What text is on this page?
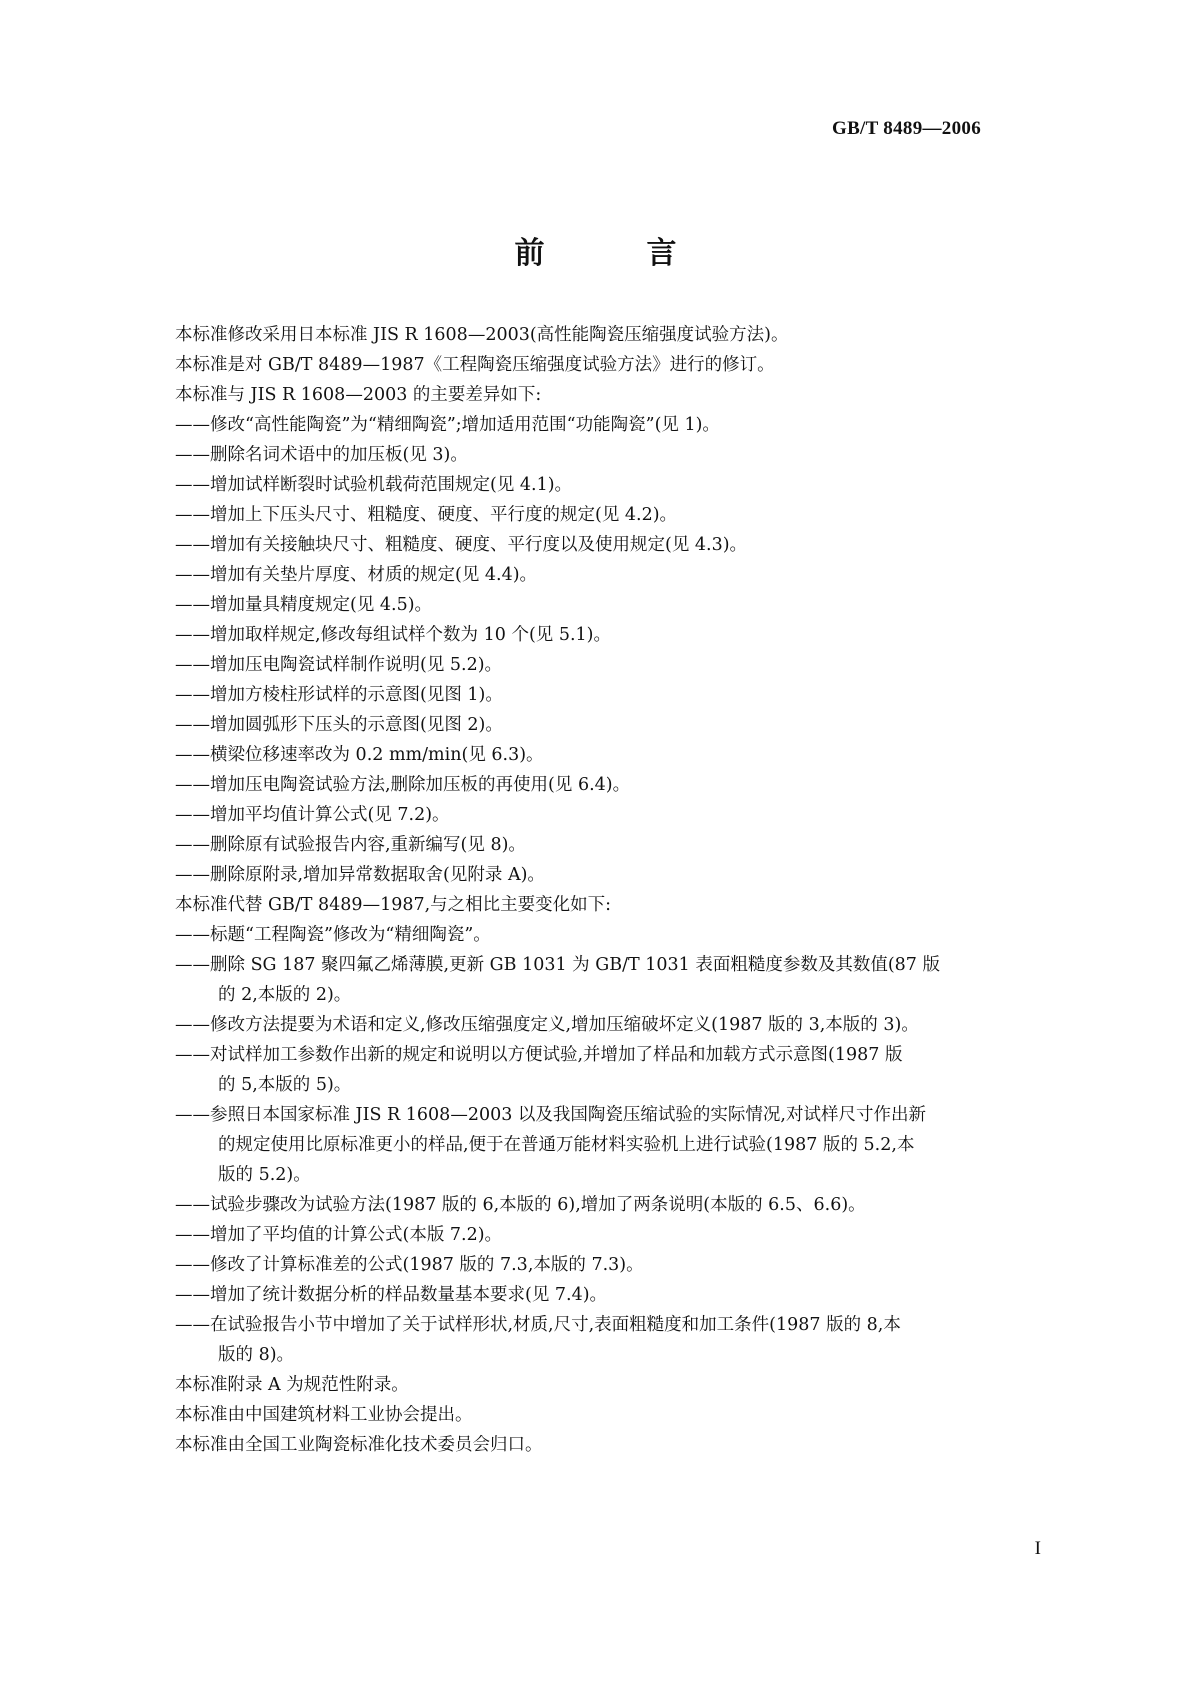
GB/T 8489—2006
前　言

本标准修改采用日本标准 JIS R 1608—2003(高性能陶瓷压缩强度试验方法)。

本标准是对 GB/T 8489—1987《工程陶瓷压缩强度试验方法》进行的修订。

本标准与 JIS R 1608—2003 的主要差异如下:

——修改“高性能陶瓷”为“精细陶瓷”;增加适用范围“功能陶瓷”(见 1)。

——删除名词术语中的加压板(见 3)。

——增加试样断裂时试验机载荷范围规定(见 4.1)。

——增加上下压头尺寸、粗糙度、硬度、平行度的规定(见 4.2)。

——增加有关接触块尺寸、粗糙度、硬度、平行度以及使用规定(见 4.3)。

——增加有关垫片厚度、材质的规定(见 4.4)。

——增加量具精度规定(见 4.5)。

——增加取样规定,修改每组试样个数为 10 个(见 5.1)。

——增加压电陶瓷试样制作说明(见 5.2)。

——增加方棱柱形试样的示意图(见图 1)。

——增加圆弧形下压头的示意图(见图 2)。

——横梁位移速率改为 0.2 mm/min(见 6.3)。

——增加压电陶瓷试验方法,删除加压板的再使用(见 6.4)。

——增加平均值计算公式(见 7.2)。

——删除原有试验报告内容,重新编写(见 8)。

——删除原附录,增加异常数据取舍(见附录 A)。

本标准代替 GB/T 8489—1987,与之相比主要变化如下:

——标题“工程陶瓷”修改为“精细陶瓷”。

——删除 SG 187 聚四氟乙烯薄膜,更新 GB 1031 为 GB/T 1031 表面粗糙度参数及其数值(87 版

的 2,本版的 2)。

——修改方法提要为术语和定义,修改压缩强度定义,增加压缩破坏定义(1987 版的 3,本版的 3)。

——对试样加工参数作出新的规定和说明以方便试验,并增加了样品和加载方式示意图(1987 版

的 5,本版的 5)。

——参照日本国家标准 JIS R 1608—2003 以及我国陶瓷压缩试验的实际情况,对试样尺寸作出新

的规定使用比原标准更小的样品,便于在普通万能材料实验机上进行试验(1987 版的 5.2,本

版的 5.2)。

——试验步骤改为试验方法(1987 版的 6,本版的 6),增加了两条说明(本版的 6.5、6.6)。

——增加了平均值的计算公式(本版 7.2)。

——修改了计算标准差的公式(1987 版的 7.3,本版的 7.3)。

——增加了统计数据分析的样品数量基本要求(见 7.4)。

——在试验报告小节中增加了关于试样形状,材质,尺寸,表面粗糙度和加工条件(1987 版的 8,本

版的 8)。

本标准附录 A 为规范性附录。

本标准由中国建筑材料工业协会提出。

本标准由全国工业陶瓷标准化技术委员会归口。

I
